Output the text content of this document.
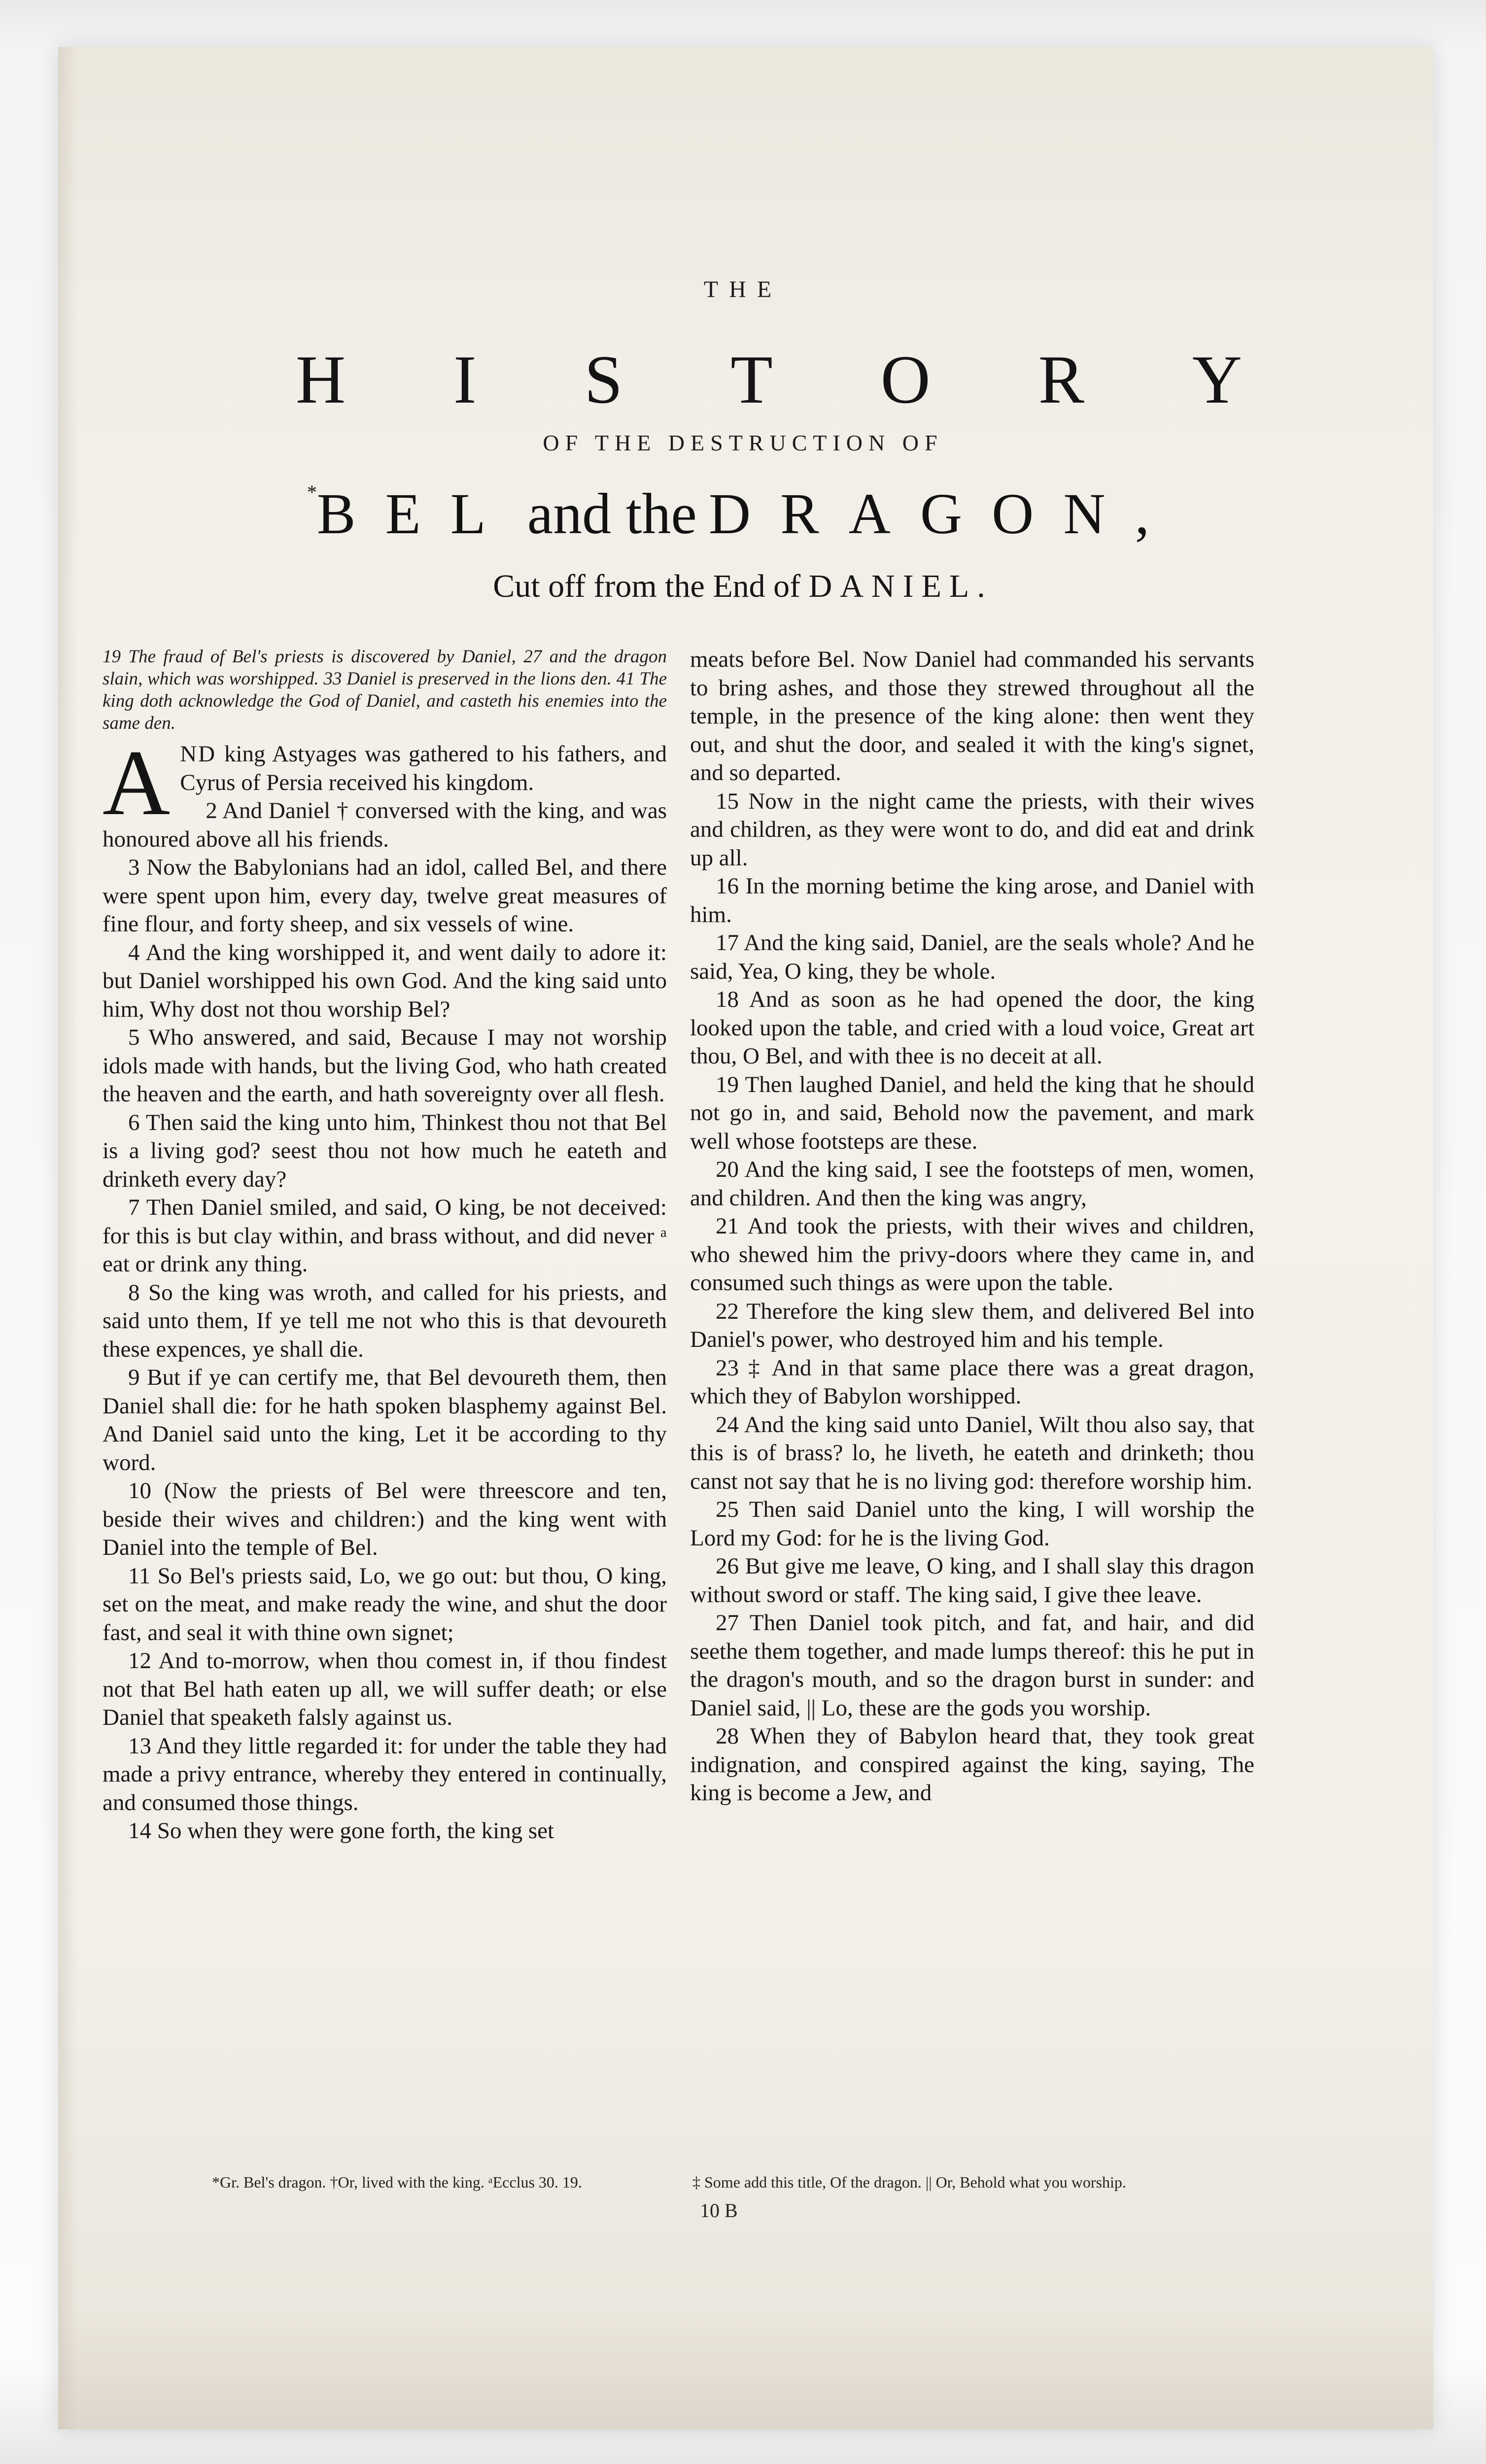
THE
H I S T O R Y
OF THE DESTRUCTION OF
*BEL and the DRAGON,
Cut off from the End of DANIEL.

19 The fraud of Bel's priests is discovered by Daniel, 27 and the dragon slain, which was worshipped. 33 Daniel is preserved in the lions den. 41 The king doth acknowledge the God of Daniel, and casteth his enemies into the same den.

AND king Astyages was gathered to his fathers, and Cyrus of Persia received his kingdom.

2 And Daniel † conversed with the king, and was honoured above all his friends.

3 Now the Babylonians had an idol, called Bel, and there were spent upon him, every day, twelve great measures of fine flour, and forty sheep, and six vessels of wine.

4 And the king worshipped it, and went daily to adore it: but Daniel worshipped his own God. And the king said unto him, Why dost not thou worship Bel?

5 Who answered, and said, Because I may not worship idols made with hands, but the living God, who hath created the heaven and the earth, and hath sovereignty over all flesh.

6 Then said the king unto him, Thinkest thou not that Bel is a living god? seest thou not how much he eateth and drinketh every day?

7 Then Daniel smiled, and said, O king, be not deceived: for this is but clay within, and brass without, and did never ᵃ eat or drink any thing.

8 So the king was wroth, and called for his priests, and said unto them, If ye tell me not who this is that devoureth these expences, ye shall die.

9 But if ye can certify me, that Bel devoureth them, then Daniel shall die: for he hath spoken blasphemy against Bel. And Daniel said unto the king, Let it be according to thy word.

10 (Now the priests of Bel were threescore and ten, beside their wives and children:) and the king went with Daniel into the temple of Bel.

11 So Bel's priests said, Lo, we go out: but thou, O king, set on the meat, and make ready the wine, and shut the door fast, and seal it with thine own signet;

12 And to-morrow, when thou comest in, if thou findest not that Bel hath eaten up all, we will suffer death; or else Daniel that speaketh falsly against us.

13 And they little regarded it: for under the table they had made a privy entrance, whereby they entered in continually, and consumed those things.

14 So when they were gone forth, the king set

meats before Bel. Now Daniel had commanded his servants to bring ashes, and those they strewed throughout all the temple, in the presence of the king alone: then went they out, and shut the door, and sealed it with the king's signet, and so departed.

15 Now in the night came the priests, with their wives and children, as they were wont to do, and did eat and drink up all.

16 In the morning betime the king arose, and Daniel with him.

17 And the king said, Daniel, are the seals whole? And he said, Yea, O king, they be whole.

18 And as soon as he had opened the door, the king looked upon the table, and cried with a loud voice, Great art thou, O Bel, and with thee is no deceit at all.

19 Then laughed Daniel, and held the king that he should not go in, and said, Behold now the pavement, and mark well whose footsteps are these.

20 And the king said, I see the footsteps of men, women, and children. And then the king was angry,

21 And took the priests, with their wives and children, who shewed him the privy-doors where they came in, and consumed such things as were upon the table.

22 Therefore the king slew them, and delivered Bel into Daniel's power, who destroyed him and his temple.

23 ‡ And in that same place there was a great dragon, which they of Babylon worshipped.

24 And the king said unto Daniel, Wilt thou also say, that this is of brass? lo, he liveth, he eateth and drinketh; thou canst not say that he is no living god: therefore worship him.

25 Then said Daniel unto the king, I will worship the Lord my God: for he is the living God.

26 But give me leave, O king, and I shall slay this dragon without sword or staff. The king said, I give thee leave.

27 Then Daniel took pitch, and fat, and hair, and did seethe them together, and made lumps thereof: this he put in the dragon's mouth, and so the dragon burst in sunder: and Daniel said, || Lo, these are the gods you worship.

28 When they of Babylon heard that, they took great indignation, and conspired against the king, saying, The king is become a Jew, and

*Gr. Bel's dragon. †Or, lived with the king. ᵃEcclus 30. 19.	‡ Some add this title, Of the dragon. || Or, Behold what you worship.
10 B
